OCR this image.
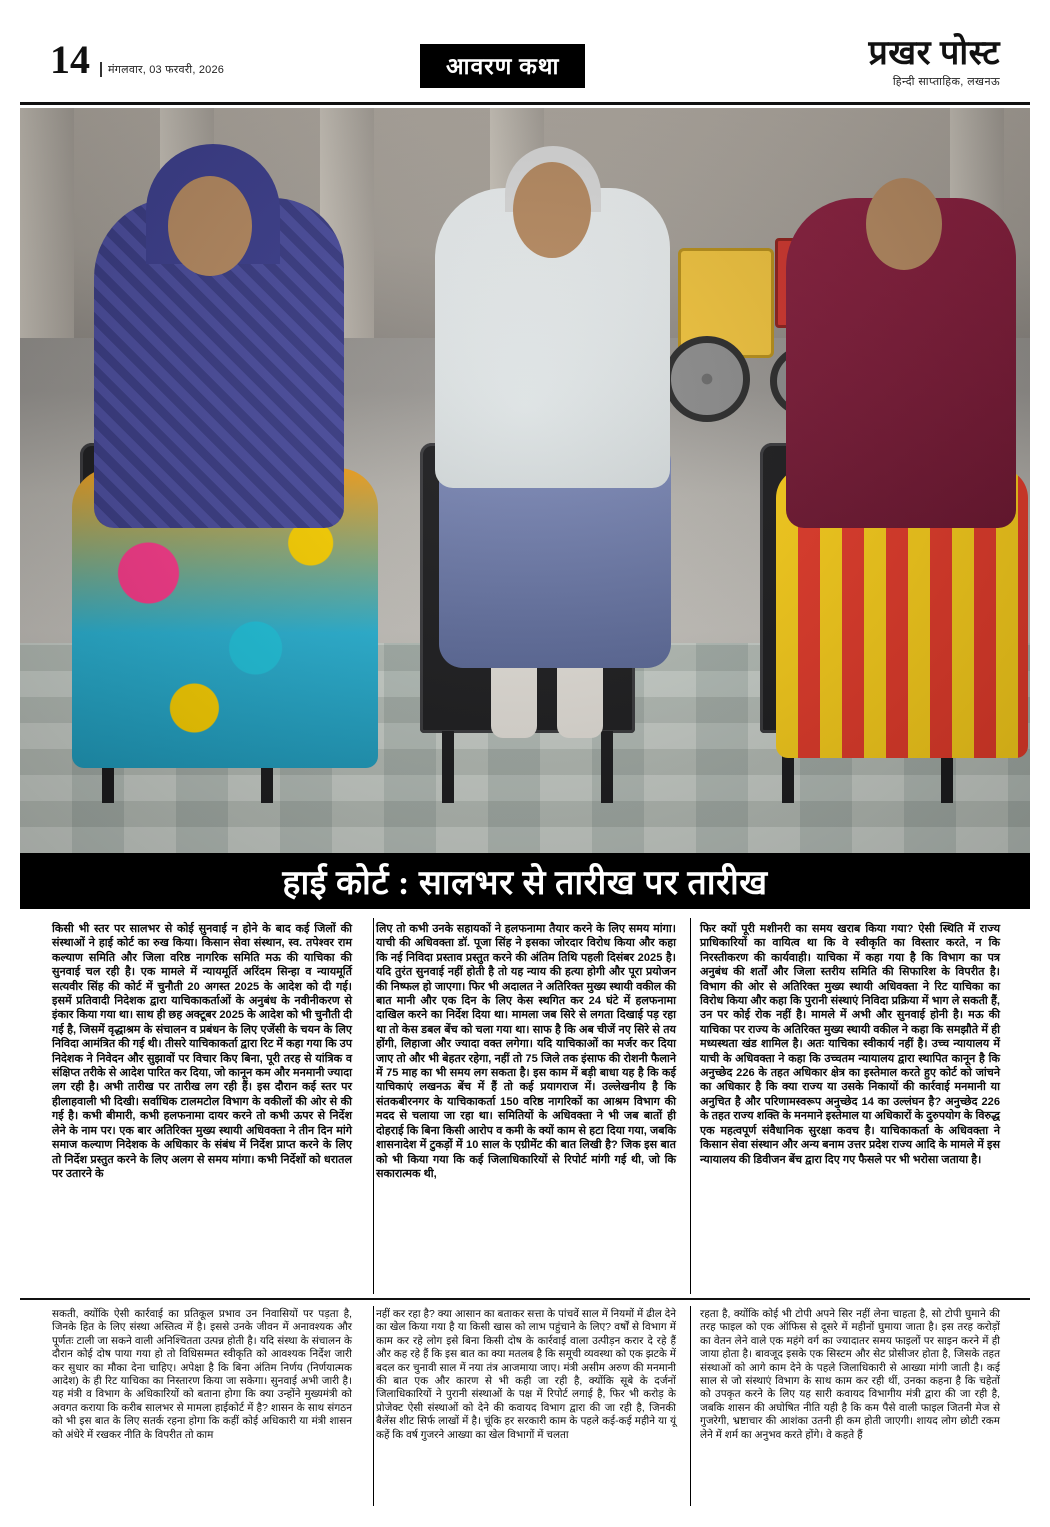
14	मंगलवार, 03 फरवरी, 2026	आवरण कथा	प्रखर पोस्ट
हिन्दी साप्ताहिक, लखनऊ
हाई कोर्ट : सालभर से तारीख पर तारीख
किसी भी स्तर पर सालभर से कोई सुनवाई न होने के बाद कई जिलों की संस्थाओं ने हाई कोर्ट का रुख किया। किसान सेवा संस्थान, स्व. तपेश्वर राम कल्याण समिति और जिला वरिष्ठ नागरिक समिति मऊ की याचिका की सुनवाई चल रही है। एक मामले में न्यायमूर्ति अरिंदम सिन्हा व न्यायमूर्ति सत्यवीर सिंह की कोर्ट में चुनौती 20 अगस्त 2025 के आदेश को दी गई। इसमें प्रतिवादी निदेशक द्वारा याचिकाकर्ताओं के अनुबंध के नवीनीकरण से इंकार किया गया था। साथ ही छह अक्टूबर 2025 के आदेश को भी चुनौती दी गई है, जिसमें वृद्धाश्रम के संचालन व प्रबंधन के लिए एजेंसी के चयन के लिए निविदा आमंत्रित की गई थी। तीसरे याचिकाकर्ता द्वारा रिट में कहा गया कि उप निदेशक ने निवेदन और सुझावों पर विचार किए बिना, पूरी तरह से यांत्रिक व संक्षिप्त तरीके से आदेश पारित कर दिया, जो कानून कम और मनमानी ज्यादा लग रही है। अभी तारीख पर तारीख लग रही हैं। इस दौरान कई स्तर पर हीलाहवाली भी दिखी। सर्वाधिक टालमटोल विभाग के वकीलों की ओर से की गई है। कभी बीमारी, कभी हलफनामा दायर करने तो कभी ऊपर से निर्देश लेने के नाम पर। एक बार अतिरिक्त मुख्य स्थायी अधिवक्ता ने तीन दिन मांगे समाज कल्याण निदेशक के अधिकार के संबंध में निर्देश प्राप्त करने के लिए तो निर्देश प्रस्तुत करने के लिए अलग से समय मांगा। कभी निर्देशों को धरातल पर उतारने के
लिए तो कभी उनके सहायकों ने हलफनामा तैयार करने के लिए समय मांगा। याची की अधिवक्ता डॉ. पूजा सिंह ने इसका जोरदार विरोध किया और कहा कि नई निविदा प्रस्ताव प्रस्तुत करने की अंतिम तिथि पहली दिसंबर 2025 है। यदि तुरंत सुनवाई नहीं होती है तो यह न्याय की हत्या होगी और पूरा प्रयोजन की निष्फल हो जाएगा। फिर भी अदालत ने अतिरिक्त मुख्य स्थायी वकील की बात मानी और एक दिन के लिए केस स्थगित कर 24 घंटे में हलफनामा दाखिल करने का निर्देश दिया था। मामला जब सिरे से लगता दिखाई पड़ रहा था तो केस डबल बेंच को चला गया था। साफ है कि अब चीजें नए सिरे से तय होंगी, लिहाजा और ज्यादा वक्त लगेगा। यदि याचिकाओं का मर्जर कर दिया जाए तो और भी बेहतर रहेगा, नहीं तो 75 जिले तक इंसाफ की रोशनी फैलाने में 75 माह का भी समय लग सकता है। इस काम में बड़ी बाधा यह है कि कई याचिकाएं लखनऊ बेंच में हैं तो कई प्रयागराज में। उल्लेखनीय है कि संतकबीरनगर के याचिकाकर्ता 150 वरिष्ठ नागरिकों का आश्रम विभाग की मदद से चलाया जा रहा था। समितियों के अधिवक्ता ने भी जब बातों ही दोहराई कि बिना किसी आरोप व कमी के क्यों काम से हटा दिया गया, जबकि शासनादेश में टुकड़ों में 10 साल के एग्रीमेंट की बात लिखी है? जिक इस बात को भी किया गया कि कई जिलाधिकारियों से रिपोर्ट मांगी गई थी, जो कि सकारात्मक थी,
फिर क्यों पूरी मशीनरी का समय खराब किया गया? ऐसी स्थिति में राज्य प्राधिकारियों का वायित्व था कि वे स्वीकृति का विस्तार करते, न कि निरस्तीकरण की कार्यवाही। याचिका में कहा गया है कि विभाग का पत्र अनुबंध की शर्तों और जिला स्तरीय समिति की सिफारिश के विपरीत है। विभाग की ओर से अतिरिक्त मुख्य स्थायी अधिवक्ता ने रिट याचिका का विरोध किया और कहा कि पुरानी संस्थाएं निविदा प्रक्रिया में भाग ले सकती हैं, उन पर कोई रोक नहीं है। मामले में अभी और सुनवाई होनी है। मऊ की याचिका पर राज्य के अतिरिक्त मुख्य स्थायी वकील ने कहा कि समझौते में ही मध्यस्थता खंड शामिल है। अतः याचिका स्वीकार्य नहीं है। उच्च न्यायालय में याची के अधिवक्ता ने कहा कि उच्चतम न्यायालय द्वारा स्थापित कानून है कि अनुच्छेद 226 के तहत अधिकार क्षेत्र का इस्तेमाल करते हुए कोर्ट को जांचने का अधिकार है कि क्या राज्य या उसके निकायों की कार्रवाई मनमानी या अनुचित है और परिणामस्वरूप अनुच्छेद 14 का उल्लंघन है? अनुच्छेद 226 के तहत राज्य शक्ति के मनमाने इस्तेमाल या अधिकारों के दुरुपयोग के विरुद्ध एक महत्वपूर्ण संवैधानिक सुरक्षा कवच है। याचिकाकर्ता के अधिवक्ता ने किसान सेवा संस्थान और अन्य बनाम उत्तर प्रदेश राज्य आदि के मामले में इस न्यायालय की डिवीजन बेंच द्वारा दिए गए फैसले पर भी भरोसा जताया है।
सकती, क्योंकि ऐसी कार्रवाई का प्रतिकूल प्रभाव उन निवासियों पर पड़ता है, जिनके हित के लिए संस्था अस्तित्व में है। इससे उनके जीवन में अनावश्यक और पूर्णतः टाली जा सकने वाली अनिश्चितता उत्पन्न होती है। यदि संस्था के संचालन के दौरान कोई दोष पाया गया हो तो विधिसम्मत स्वीकृति को आवश्यक निर्देश जारी कर सुधार का मौका देना चाहिए। अपेक्षा है कि बिना अंतिम निर्णय (निर्णयात्मक आदेश) के ही रिट याचिका का निस्तारण किया जा सकेगा। सुनवाई अभी जारी है। यह मंत्री व विभाग के अधिकारियों को बताना होगा कि क्या उन्होंने मुख्यमंत्री को अवगत कराया कि करीब सालभर से मामला हाईकोर्ट में है? शासन के साथ संगठन को भी इस बात के लिए सतर्क रहना होगा कि कहीं कोई अधिकारी या मंत्री शासन को अंधेरे में रखकर नीति के विपरीत तो काम
नहीं कर रहा है? क्या आसान का बताकर सत्ता के पांचवें साल में नियमों में ढील देने का खेल किया गया है या किसी खास को लाभ पहुंचाने के लिए? वर्षों से विभाग में काम कर रहे लोग इसे बिना किसी दोष के कार्रवाई वाला उत्पीड़न करार दे रहे हैं और कह रहे हैं कि इस बात का क्या मतलब है कि समूची व्यवस्था को एक झटके में बदल कर चुनावी साल में नया तंत्र आजमाया जाए। मंत्री असीम अरुण की मनमानी की बात एक और कारण से भी कही जा रही है, क्योंकि सूबे के दर्जनों जिलाधिकारियों ने पुरानी संस्थाओं के पक्ष में रिपोर्ट लगाई है, फिर भी करोड़ के प्रोजेक्ट ऐसी संस्थाओं को देने की कवायद विभाग द्वारा की जा रही है, जिनकी बैलेंस शीट सिर्फ लाखों में है। चूंकि हर सरकारी काम के पहले कई-कई महीने या यूं कहें कि वर्ष गुजरने आख्या का खेल विभागों में चलता
रहता है, क्योंकि कोई भी टोपी अपने सिर नहीं लेना चाहता है, सो टोपी घुमाने की तरह फाइल को एक ऑफिस से दूसरे में महीनों घुमाया जाता है। इस तरह करोड़ों का वेतन लेने वाले एक महंगे वर्ग का ज्यादातर समय फाइलों पर साइन करने में ही जाया होता है। बावजूद इसके एक सिस्टम और सेट प्रोसीजर होता है, जिसके तहत संस्थाओं को आगे काम देने के पहले जिलाधिकारी से आख्या मांगी जाती है। कई साल से जो संस्थाएं विभाग के साथ काम कर रही थीं, उनका कहना है कि चहेतों को उपकृत करने के लिए यह सारी कवायद विभागीय मंत्री द्वारा की जा रही है, जबकि शासन की अघोषित नीति यही है कि कम पैसे वाली फाइल जितनी मेज से गुजरेगी, भ्रष्टाचार की आशंका उतनी ही कम होती जाएगी। शायद लोग छोटी रकम लेने में शर्म का अनुभव करते होंगे। वे कहते हैं
